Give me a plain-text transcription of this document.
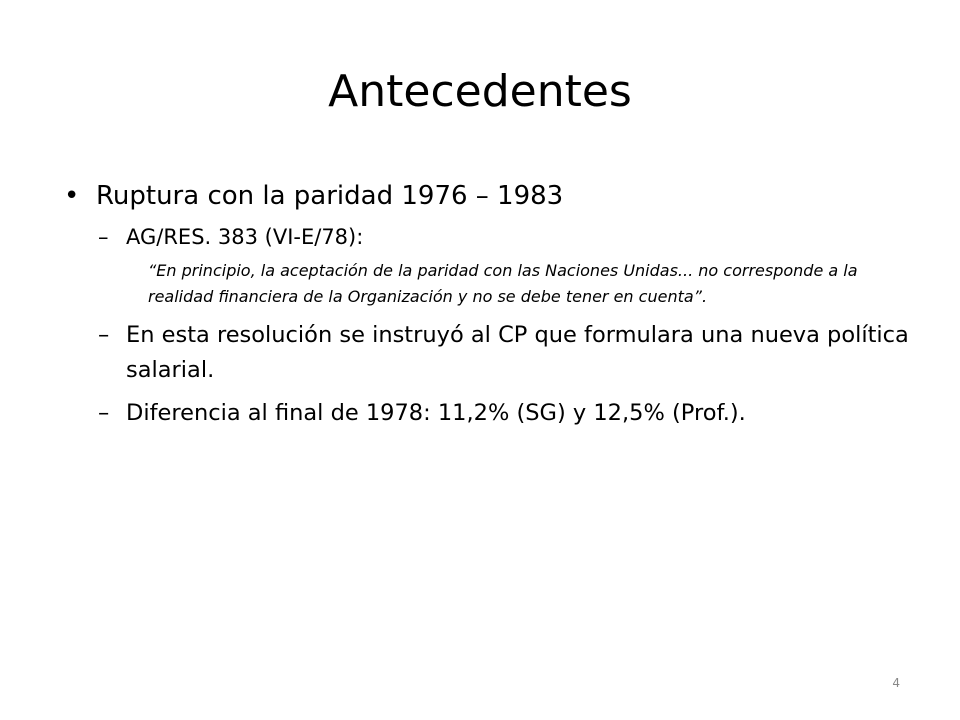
Antecedentes
• Ruptura con la paridad 1976 – 1983
– AG/RES. 383 (VI-E/78):
“En principio, la aceptación de la paridad con las Naciones Unidas... no corresponde a la realidad financiera de la Organización y no se debe tener en cuenta”.
– En esta resolución se instruyó al CP que formulara una nueva política salarial.
– Diferencia al final de 1978: 11,2% (SG) y 12,5% (Prof.).
4
